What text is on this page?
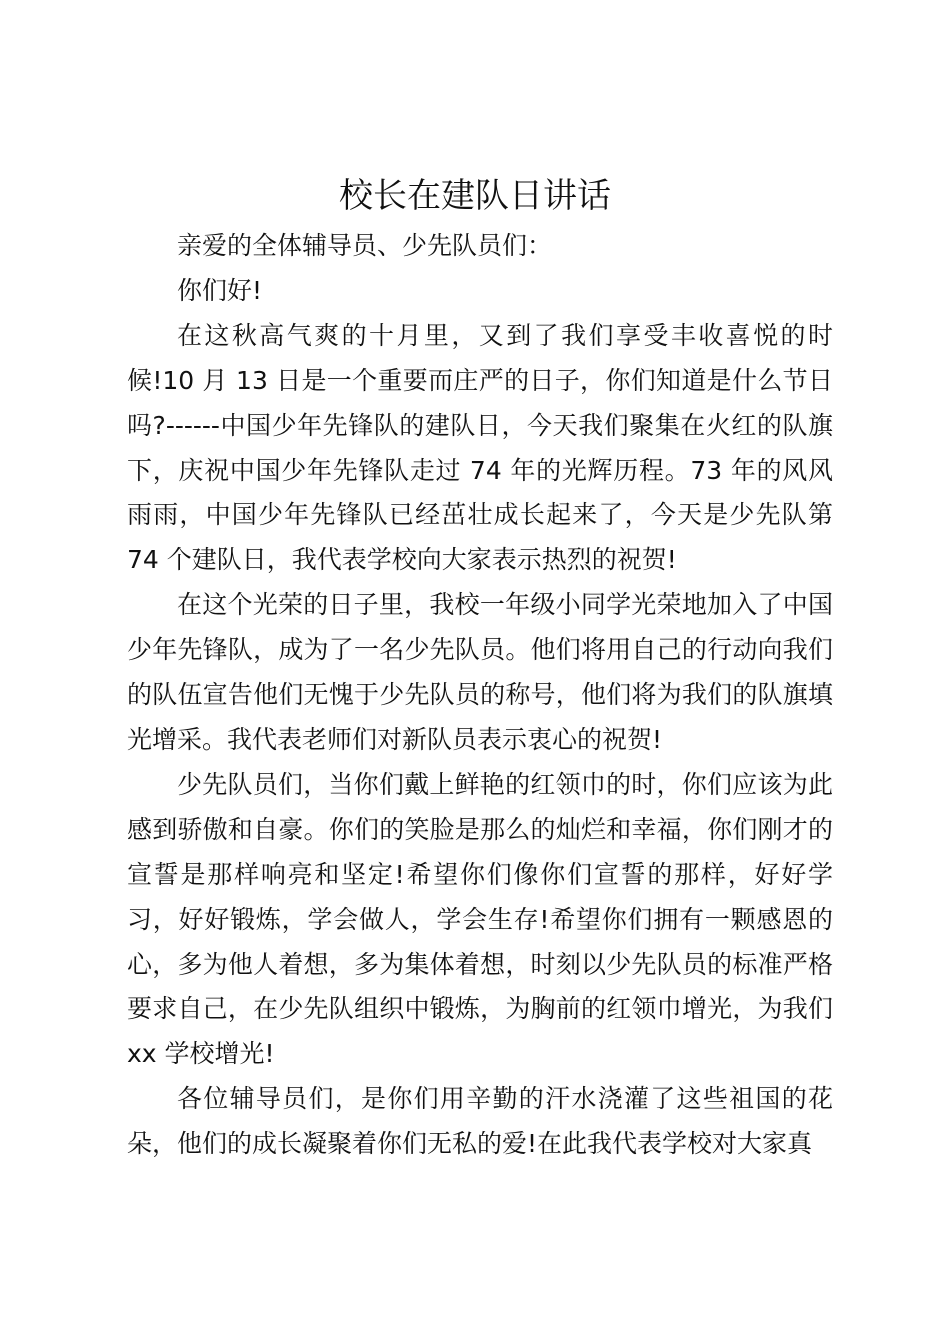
校长在建队日讲话

亲爱的全体辅导员、少先队员们：

你们好!

在这秋高气爽的十月里，又到了我们享受丰收喜悦的时候!10 月 13 日是一个重要而庄严的日子，你们知道是什么节日吗?------中国少年先锋队的建队日，今天我们聚集在火红的队旗下，庆祝中国少年先锋队走过 74 年的光辉历程。73 年的风风雨雨，中国少年先锋队已经茁壮成长起来了，今天是少先队第 74 个建队日，我代表学校向大家表示热烈的祝贺!

在这个光荣的日子里，我校一年级小同学光荣地加入了中国少年先锋队，成为了一名少先队员。他们将用自己的行动向我们的队伍宣告他们无愧于少先队员的称号，他们将为我们的队旗填光增采。我代表老师们对新队员表示衷心的祝贺!

少先队员们，当你们戴上鲜艳的红领巾的时，你们应该为此感到骄傲和自豪。你们的笑脸是那么的灿烂和幸福，你们刚才的宣誓是那样响亮和坚定!希望你们像你们宣誓的那样，好好学习，好好锻炼，学会做人，学会生存!希望你们拥有一颗感恩的心，多为他人着想，多为集体着想，时刻以少先队员的标准严格要求自己，在少先队组织中锻炼，为胸前的红领巾增光，为我们 xx 学校增光!

各位辅导员们，是你们用辛勤的汗水浇灌了这些祖国的花朵，他们的成长凝聚着你们无私的爱!在此我代表学校对大家真
